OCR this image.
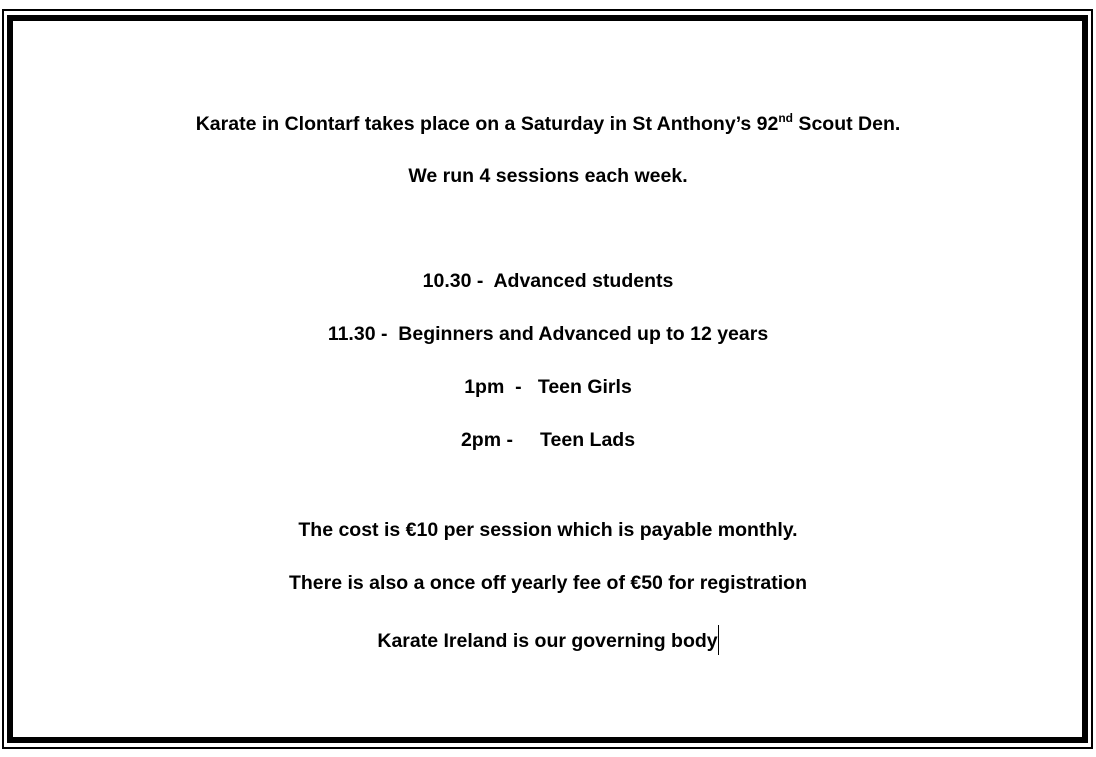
Karate in Clontarf takes place on a Saturday in St Anthony’s 92nd Scout Den.
We run 4 sessions each week.
10.30 -  Advanced students
11.30 -  Beginners and Advanced up to 12 years
1pm  -   Teen Girls
2pm -     Teen Lads
The cost is €10 per session which is payable monthly.
There is also a once off yearly fee of €50 for registration
Karate Ireland is our governing body
